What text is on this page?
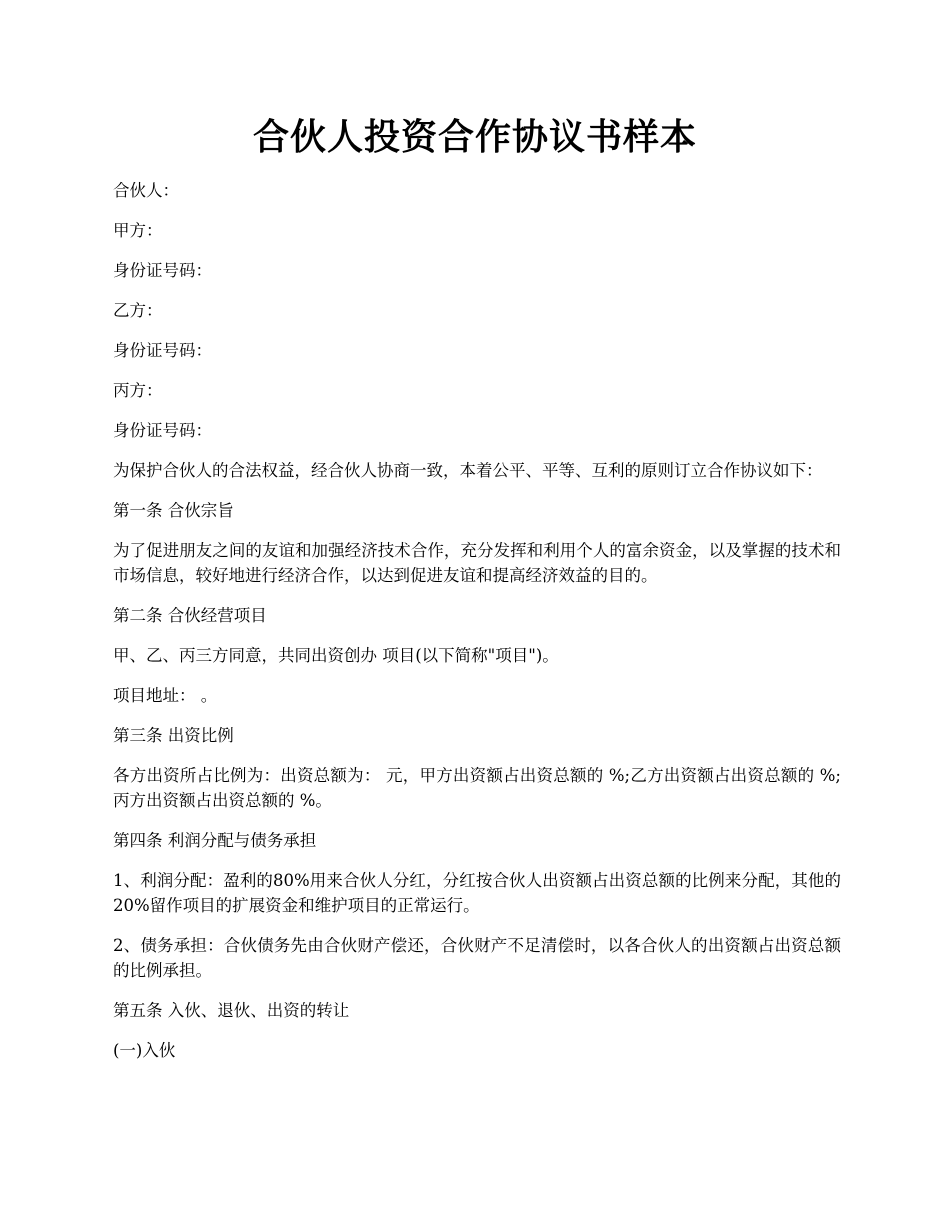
合伙人投资合作协议书样本

合伙人：

甲方：

身份证号码：

乙方：

身份证号码：

丙方：

身份证号码：

为保护合伙人的合法权益，经合伙人协商一致，本着公平、平等、互利的原则订立合作协议如下：

第一条 合伙宗旨

为了促进朋友之间的友谊和加强经济技术合作，充分发挥和利用个人的富余资金，以及掌握的技术和市场信息，较好地进行经济合作，以达到促进友谊和提高经济效益的目的。

第二条 合伙经营项目

甲、乙、丙三方同意，共同出资创办 项目(以下简称"项目")。

项目地址： 。

第三条 出资比例

各方出资所占比例为：出资总额为： 元，甲方出资额占出资总额的 %;乙方出资额占出资总额的 %;丙方出资额占出资总额的 %。

第四条 利润分配与债务承担

1、利润分配：盈利的80%用来合伙人分红，分红按合伙人出资额占出资总额的比例来分配，其他的20%留作项目的扩展资金和维护项目的正常运行。

2、债务承担：合伙债务先由合伙财产偿还，合伙财产不足清偿时，以各合伙人的出资额占出资总额的比例承担。

第五条 入伙、退伙、出资的转让

(一)入伙
